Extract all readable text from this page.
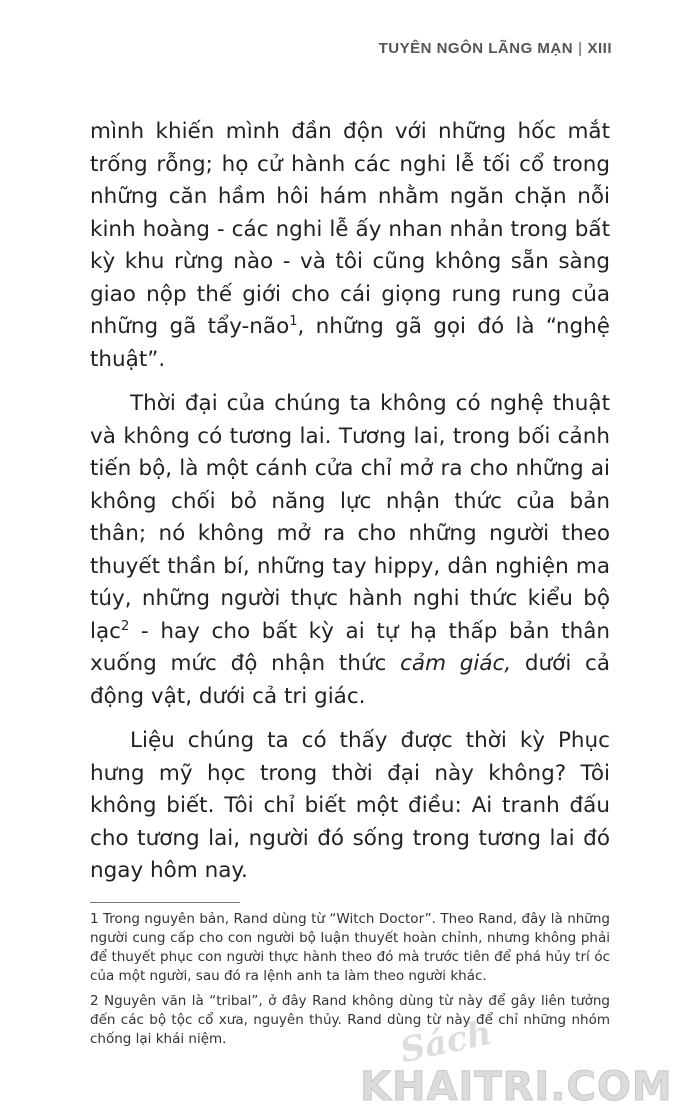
TUYÊN NGÔN LÃNG MẠN | XIII

mình khiến mình đần độn với những hốc mắt trống rỗng; họ cử hành các nghi lễ tối cổ trong những căn hầm hôi hám nhằm ngăn chặn nỗi kinh hoàng - các nghi lễ ấy nhan nhản trong bất kỳ khu rừng nào - và tôi cũng không sẵn sàng giao nộp thế giới cho cái giọng rung rung của những gã tẩy-não$^1$, những gã gọi đó là “nghệ thuật”.

Thời đại của chúng ta không có nghệ thuật và không có tương lai. Tương lai, trong bối cảnh tiến bộ, là một cánh cửa chỉ mở ra cho những ai không chối bỏ năng lực nhận thức của bản thân; nó không mở ra cho những người theo thuyết thần bí, những tay hippy, dân nghiện ma túy, những người thực hành nghi thức kiểu bộ lạc$^2$ - hay cho bất kỳ ai tự hạ thấp bản thân xuống mức độ nhận thức cảm giác, dưới cả động vật, dưới cả tri giác.

Liệu chúng ta có thấy được thời kỳ Phục hưng mỹ học trong thời đại này không? Tôi không biết. Tôi chỉ biết một điều: Ai tranh đấu cho tương lai, người đó sống trong tương lai đó ngay hôm nay.

1 Trong nguyên bản, Rand dùng từ “Witch Doctor”. Theo Rand, đây là những người cung cấp cho con người bộ luận thuyết hoàn chỉnh, nhưng không phải để thuyết phục con người thực hành theo đó mà trước tiên để phá hủy trí óc của một người, sau đó ra lệnh anh ta làm theo người khác.

2 Nguyên văn là “tribal”, ở đây Rand không dùng từ này để gây liên tưởng đến các bộ tộc cổ xưa, nguyên thủy. Rand dùng từ này để chỉ những nhóm chống lại khái niệm.	Sách
KHAITRI.COM
